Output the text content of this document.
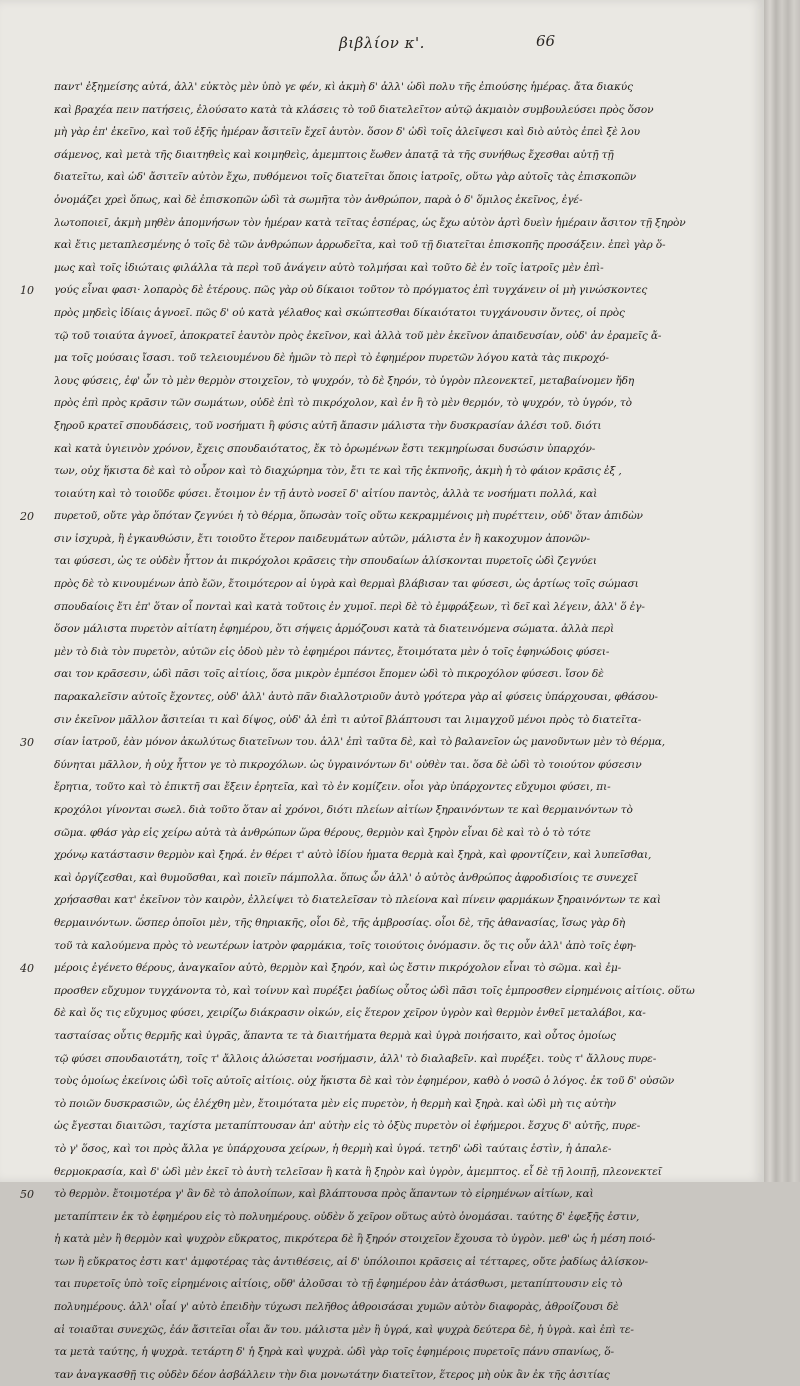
βιβλίον κ'.	66
10
20
30
40
50
παντ' ἐξημείσης αὐτά, ἀλλ' εὐκτὸς μὲν ὑπὸ γε φέν, κὶ ἀκμὴ δ' ἀλλ' ὡδὶ πολυ τῆς ἐπιούσης ἡμέρας. ἄτα διακύς
καὶ βραχέα πειν πατήσεις, ἐλούσατο κατὰ τὰ κλάσεις τὸ τοῦ διατελεῖτον αὐτῷ ἀκμαιὸν συμβουλεύσει πρὸς ὅσον
μὴ γὰρ ἐπ' ἐκεῖνο, καὶ τοῦ ἐξῆς ἡμέραν ἄσιτεῖν ἔχεῖ ἀυτὸν. ὅσον δ' ὡδὶ τοῖς ἀλεῖψεσι καὶ διὸ αὐτὸς ἐπεὶ ξὲ λου
σάμενος, καὶ μετὰ τῆς διαιτηθεὶς καὶ κοιμηθεὶς, ἀμεμπτοις ἔωθεν ἀπατᾷ τὰ τῆς συνήθως ἔχεσθαι αὐτῇ τῇ
διατεῖτω, καὶ ὡδ' ἄσιτεῖν αὐτὸν ἔχω, πυθόμενοι τοῖς διατεῖται ὅποις ἰατροῖς, οὕτω γὰρ αὐτοῖς τὰς ἐπισκοπῶν
ὀνομάζει χρεὶ ὅπως, καὶ δὲ ἐπισκοπῶν ὡδὶ τὰ σωμῆτα τὸν ἀνθρώπον, παρὰ ὁ δ' ὅμιλος ἐκεῖνος, ἐγέ-
λωτοποιεῖ, ἀκμὴ μηθὲν ἀπομνήσων τὸν ἡμέραν κατὰ τεῖτας ἑσπέρας, ὡς ἔχω αὐτὸν ἀρτὶ δυεὶν ἡμέραιν ἄσιτον τῇ ξηρὸν
καὶ ἔτις μεταπλεσμένης ὁ τοῖς δὲ τῶν ἀνθρώπων ἀρρωδεῖτα, καὶ τοῦ τῇ διατεῖται ἐπισκοπῆς προσάξειν. ἐπεὶ γὰρ ὅ-
μως καὶ τοῖς ἰδιώταις φιλάλλα τὰ περὶ τοῦ ἀνάγειν αὐτὸ τολμήσαι καὶ τοῦτο δὲ ἐν τοῖς ἰατροῖς μὲν ἐπὶ-
γούς εἶναι φασι· λοπαρὸς δὲ ἑτέρους. πῶς γὰρ οὐ δίκαιοι τοῦτον τὸ πρόγματος ἐπὶ τυγχάνειν οἱ μὴ γινώσκοντες
πρὸς μηδεὶς ἰδίαις ἀγνοεῖ. πῶς δ' οὐ κατὰ γέλαθος καὶ σκώπτεσθαι δίκαιότατοι τυγχάνουσιν ὄντες, οἱ πρὸς
τῷ τοῦ τοιαύτα ἀγνοεῖ, ἀποκρατεῖ ἑαυτὸν πρὸς ἐκεῖνον, καὶ ἀλλὰ τοῦ μὲν ἐκεῖνον ἀπαιδευσίαν, οὐδ' ἀν ἐραμεῖς ἄ-
μα τοῖς μούσαις ἴσασι. τοῦ τελειουμένου δὲ ἡμῶν τὸ περὶ τὸ ἐφημέρον πυρετῶν λόγου κατὰ τὰς πικροχό-
λους φύσεις, ἐφ' ὧν τὸ μὲν θερμὸν στοιχεῖον, τὸ ψυχρόν, τὸ δὲ ξηρόν, τὸ ὑγρὸν πλεονεκτεῖ, μεταβαίνομεν ἤδη
πρὸς ἐπὶ πρὸς κρᾶσιν τῶν σωμάτων, οὐδὲ ἐπὶ τὸ πικρόχολον, καὶ ἐν ἢ τὸ μὲν θερμόν, τὸ ψυχρόν, τὸ ὑγρόν, τὸ
ξηροῦ κρατεῖ σπουδάσεις, τοῦ νοσήματι ἢ φύσις αὐτῆ ἄπασιν μάλιστα τὴν δυσκρασίαν ἀλέσι τοῦ. διότι
καὶ κατὰ ὑγιεινὸν χρόνον, ἔχεις σπουδαιότατος, ἔκ τὸ ὁρωμένων ἔστι τεκμηρίωσαι δυσώσιν ὑπαρχόν-
των, οὐχ ἥκιστα δὲ καὶ τὸ οὖρον καὶ τὸ διαχώρημα τὸν, ἔτι τε καὶ τῆς ἐκπνοῆς, ἀκμὴ ἡ τὸ φάιον κρᾶσις ἐξ ,
τοιαύτη καὶ τὸ τοιοῦδε φύσει. ἔτοιμον ἐν τῇ ἀυτὸ νοσεῖ δ' αἰτίου παντὸς, ἀλλὰ τε νοσήματι πολλά, καὶ
πυρετοῦ, οὔτε γὰρ ὅπόταν ζεγνύει ἡ τὸ θέρμα, ὅπωσὰν τοῖς οὔτω κεκραμμένοις μὴ πυρέττειν, οὐδ' ὅταν ἀπιδὼν
σιν ἰσχυρὰ, ἢ ἐγκαυθώσιν, ἔτι τοιοῦτο ἕτερον παιδευμάτων αὐτῶν, μάλιστα ἐν ἢ κακοχυμον ἀπονῶν-
ται φύσεσι, ὡς τε οὐδὲν ἧττον ἀι πικρόχολοι κρᾶσεις τὴν σπουδαίων ἁλίσκονται πυρετοῖς ὡδὶ ζεγνύει
πρὸς δὲ τὸ κινουμένων ἀπὸ ἔῶν, ἔτοιμότερον αἱ ὑγρὰ καὶ θερμαὶ βλάβισαν ται φύσεσι, ὡς ἀρτίως τοῖς σώμασι
σπουδαίοις ἔτι ἐπ' ὅταν οἷ πονταὶ καὶ κατὰ τοῦτοις ἐν χυμοῖ. περὶ δὲ τὸ ἐμφράξεων, τὶ δεῖ καὶ λέγειν, ἀλλ' ὅ ἐγ-
ὅσον μάλιστα πυρετὸν αἰτίατη ἐφημέρου, ὅτι σήψεις ἁρμόζουσι κατὰ τὰ διατεινόμενα σώματα. ἀλλὰ περὶ
μὲν τὸ διὰ τὸν πυρετὸν, αὐτῶν εἰς ὁδοὺ μὲν τὸ ἐφημέροι πάντες, ἔτοιμότατα μὲν ὁ τοῖς ἐφηνώδοις φύσει-
σαι τον κρᾶσεσιν, ὡδὶ πᾶσι τοῖς αἰτίοις, ὅσα μικρὸν ἐμπέσοι ἔπομεν ὡδὶ τὸ πικροχόλον φύσεσι. ἴσον δὲ
παρακαλεῖσιν αὐτοῖς ἔχοντες, οὐδ' ἀλλ' ἀυτὸ πᾶν διαλλοτριοῦν ἀυτὸ γρότερα γὰρ αἱ φύσεις ὑπάρχουσαι, φθάσου-
σιν ἐκεῖνον μᾶλλον ἄσιτείαι τι καὶ δίψος, οὐδ' ἀλ ἐπὶ τι αὐτοῖ βλάπτουσι ται λιμαγχοῦ μένοι πρὸς τὸ διατεῖτα-
σίαν ἰατροῦ, ἐὰν μόνον ἀκωλύτως διατεῖνων του. ἀλλ' ἐπὶ ταῦτα δὲ, καὶ τὸ βαλανεῖον ὡς μανοῦντων μὲν τὸ θέρμα,
δύνηται μᾶλλον, ἡ οὐχ ἧττον γε τὸ πικροχόλων. ὡς ὑγραινόντων δι' οὐθὲν ται. ὅσα δὲ ὡδὶ τὸ τοιούτον φύσεσιν
ἔρητια, τοῦτο καὶ τὸ ἐπικτῆ σαι ἔξειν ἐρητεῖα, καὶ τὸ ἐν κομίζειν. οἷοι γὰρ ὑπάρχοντες εὔχυμοι φύσει, πι-
κροχόλοι γίνονται σωελ. διὰ τοῦτο ὅταν αἱ χρόνοι, διότι πλείων αἰτίων ξηραινόντων τε καὶ θερμαινόντων τὸ
σῶμα. φθάσ γὰρ εἰς χείρω αὐτὰ τὰ ἀνθρώπων ὥρα θέρους, θερμὸν καὶ ξηρὸν εἶναι δὲ καὶ τὸ ὁ τὸ τότε
χρόνῳ κατάστασιν θερμὸν καὶ ξηρά. ἐν θέρει τ' αὐτὸ ἰδίου ἡματα θερμὰ καὶ ξηρὰ, καὶ φροντίζειν, καὶ λυπεῖσθαι,
καὶ ὀργίζεσθαι, καὶ θυμοῦσθαι, καὶ ποιεῖν πάμπολλα. ὅπως ὧν ἀλλ' ὁ αὐτὸς ἀνθρώπος ἀφροδισίοις τε συνεχεῖ
χρήσασθαι κατ' ἐκεῖνον τὸν καιρὸν, ἐλλείψει τὸ διατελεῖσαν τὸ πλείονα καὶ πίνειν φαρμάκων ξηραινόντων τε καὶ
θερμαινόντων. ὥσπερ ὁποῖοι μὲν, τῆς θηριακῆς, οἷοι δὲ, τῆς ἀμβροσίας. οἷοι δὲ, τῆς ἀθανασίας, ἴσως γὰρ δὴ
τοῦ τὰ καλούμενα πρὸς τὸ νεωτέρων ἰατρὸν φαρμάκια, τοῖς τοιούτοις ὀνόμασιν. ὅς τις οὖν ἀλλ' ἀπὸ τοῖς ἐφη-
μέροις ἐγένετο θέρους, ἀναγκαῖον αὐτὸ, θερμὸν καὶ ξηρόν, καὶ ὡς ἔστιν πικρόχολον εἶναι τὸ σῶμα. καὶ ἐμ-
προσθεν εὔχυμον τυγχάνοντα τὸ, καὶ τοίνυν καὶ πυρέξει ῥαδίως οὗτος ὡδὶ πᾶσι τοῖς ἐμπροσθεν εἰρημένοις αἰτίοις. οὕτω
δὲ καὶ ὅς τις εὔχυμος φύσει, χειρίζω διάκρασιν οἰκών, εἰς ἕτερον χεῖρον ὑγρὸν καὶ θερμὸν ἐνθεῖ μεταλάβοι, κα-
τασταίσας οὗτις θερμῆς καὶ ὑγρᾶς, ἅπαντα τε τὰ διαιτήματα θερμὰ καὶ ὑγρὰ ποιήσαιτο, καὶ οὗτος ὁμοίως
τῷ φύσει σπουδαιοτάτη, τοῖς τ' ἄλλοις ἁλώσεται νοσήμασιν, ἀλλ' τὸ διαλαβεῖν. καὶ πυρέξει. τοὺς τ' ἄλλους πυρε-
τοὺς ὁμοίως ἐκείνοις ὡδὶ τοῖς αὐτοῖς αἰτίοις. οὐχ ἥκιστα δὲ καὶ τὸν ἐφημέρον, καθὸ ὁ νοσῶ ὁ λόγος. ἐκ τοῦ δ' οὐσῶν
τὸ ποιῶν δυσκρασιῶν, ὡς ἐλέχθη μὲν, ἔτοιμότατα μὲν εἰς πυρετὸν, ἡ θερμὴ καὶ ξηρὰ. καὶ ὡδὶ μὴ τις αὐτὴν
ὡς ἔγεσται διαιτῶσι, ταχίστα μεταπίπτουσαν ἀπ' αὐτὴν εἰς τὸ ὀξὺς πυρετὸν οἱ ἐφήμεροι. ἔσχυς δ' αὐτῆς, πυρε-
τὸ γ' ὅσος, καὶ τοι πρὸς ἄλλα γε ὑπάρχουσα χείρων, ἡ θερμὴ καὶ ὑγρά. τετηδ' ὡδὶ ταύταις ἐστὶν, ἡ ἀπαλε-
θερμοκρασία, καὶ δ' ὡδὶ μὲν ἐκεῖ τὸ ἀυτὴ τελεῖσαν ἢ κατὰ ἢ ξηρὸν καὶ ὑγρὸν, ἀμεμπτος. εἶ δὲ τῇ λοιπῇ, πλεονεκτεῖ
τὸ θερμὸν. ἔτοιμοτέρα γ' ἂν δὲ τὸ ἀπολοίπων, καὶ βλάπτουσα πρὸς ἅπαντων τὸ εἰρημένων αἰτίων, καὶ
μεταπίπτειν ἐκ τὸ ἐφημέρου εἰς τὸ πολυημέρους. οὐδὲν ὅ χεῖρον οὕτως αὐτὸ ὀνομάσαι. ταύτης δ' ἐφεξῆς ἐστιν,
ἡ κατὰ μὲν ἢ θερμὸν καὶ ψυχρὸν εὔκρατος, πικρότερα δὲ ἢ ξηρόν στοιχεῖον ἔχουσα τὸ ὑγρὸν. μεθ' ὡς ἡ μέση ποιό-
των ἢ εὔκρατος ἐστι κατ' ἀμφοτέρας τὰς ἀντιθέσεις, αἱ δ' ὑπόλοιποι κρᾶσεις αἱ τέτταρες, οὔτε ῥαδίως ἁλίσκον-
ται πυρετοῖς ὑπὸ τοῖς εἰρημένοις αἰτίοις, οὔθ' ἁλοῦσαι τὸ τῇ ἐφημέρου ἐὰν ἀτάσθωσι, μεταπίπτουσιν εἰς τὸ
πολυημέρους. ἀλλ' οἷαί γ' αὐτὸ ἐπειδὴν τύχωσι πελῆθος ἀθροισάσαι χυμῶν αὐτὸν διαφορὰς, ἀθροίζουσι δὲ
αἱ τοιαῦται συνεχῶς, ἐάν ἄσιτεῖαι οἷαι ἄν του. μάλιστα μὲν ἢ ὑγρά, καὶ ψυχρὰ δεύτερα δὲ, ἡ ὑγρὰ. καὶ ἐπὶ τε-
τα μετὰ ταύτης, ἡ ψυχρὰ. τετάρτη δ' ἡ ξηρὰ καὶ ψυχρὰ. ὡδὶ γὰρ τοῖς ἐφημέροις πυρετοῖς πάνυ σπανίως, ὅ-
ταν ἀναγκασθῇ τις οὐδὲν δέον ἀσβάλλειν τὴν δια μονωτάτην διατεῖτον, ἕτερος μὴ οὐκ ἂν ἐκ τῆς ἀσιτίας
